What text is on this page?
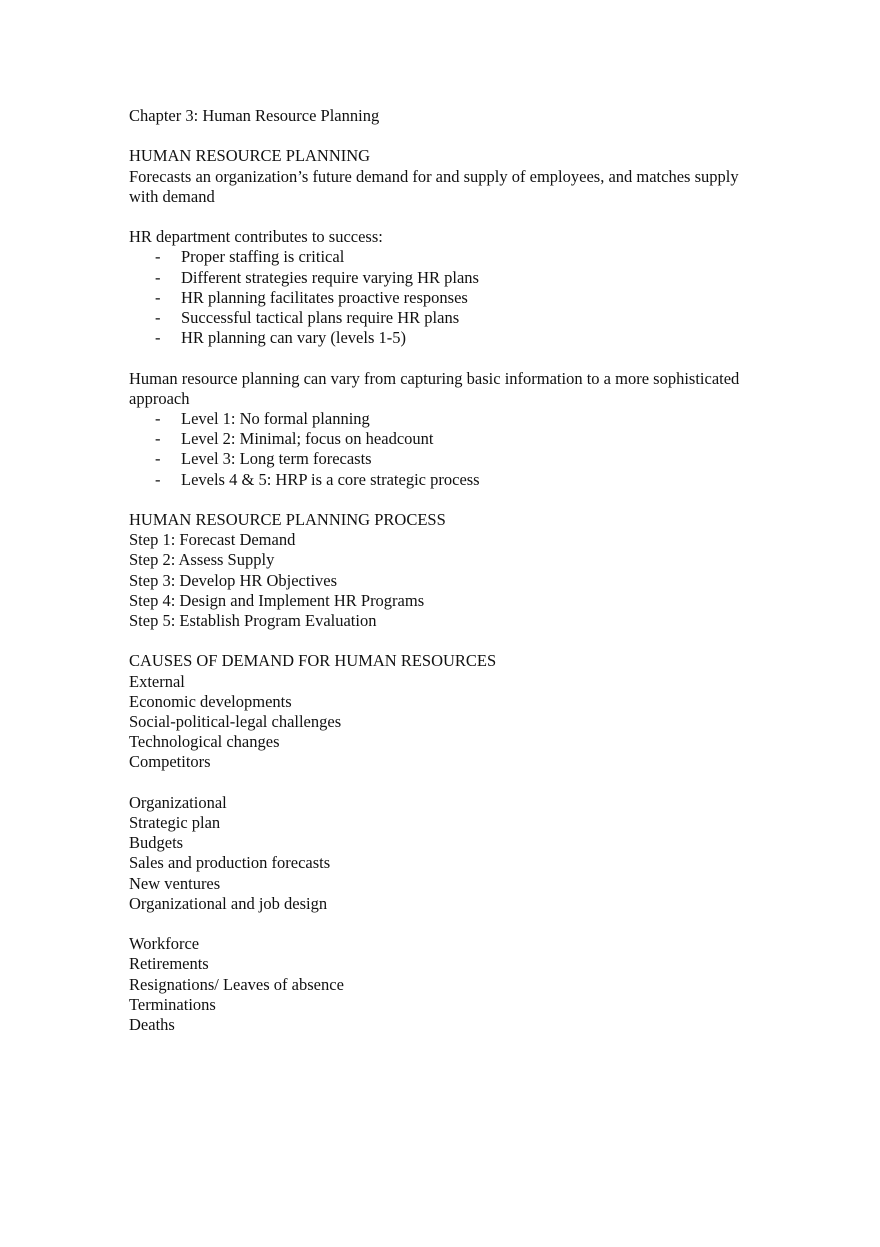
Chapter 3: Human Resource Planning

HUMAN RESOURCE PLANNING

Forecasts an organization’s future demand for and supply of employees, and matches supply with demand

HR department contributes to success:

- Proper staffing is critical
- Different strategies require varying HR plans
- HR planning facilitates proactive responses
- Successful tactical plans require HR plans
- HR planning can vary (levels 1-5)

Human resource planning can vary from capturing basic information to a more sophisticated approach

- Level 1: No formal planning
- Level 2: Minimal; focus on headcount
- Level 3: Long term forecasts
- Levels 4 & 5: HRP is a core strategic process

HUMAN RESOURCE PLANNING PROCESS

Step 1: Forecast Demand

Step 2: Assess Supply

Step 3: Develop HR Objectives

Step 4: Design and Implement HR Programs

Step 5: Establish Program Evaluation

CAUSES OF DEMAND FOR HUMAN RESOURCES

External

Economic developments

Social-political-legal challenges

Technological changes

Competitors

Organizational

Strategic plan

Budgets

Sales and production forecasts

New ventures

Organizational and job design

Workforce

Retirements

Resignations/ Leaves of absence

Terminations

Deaths
